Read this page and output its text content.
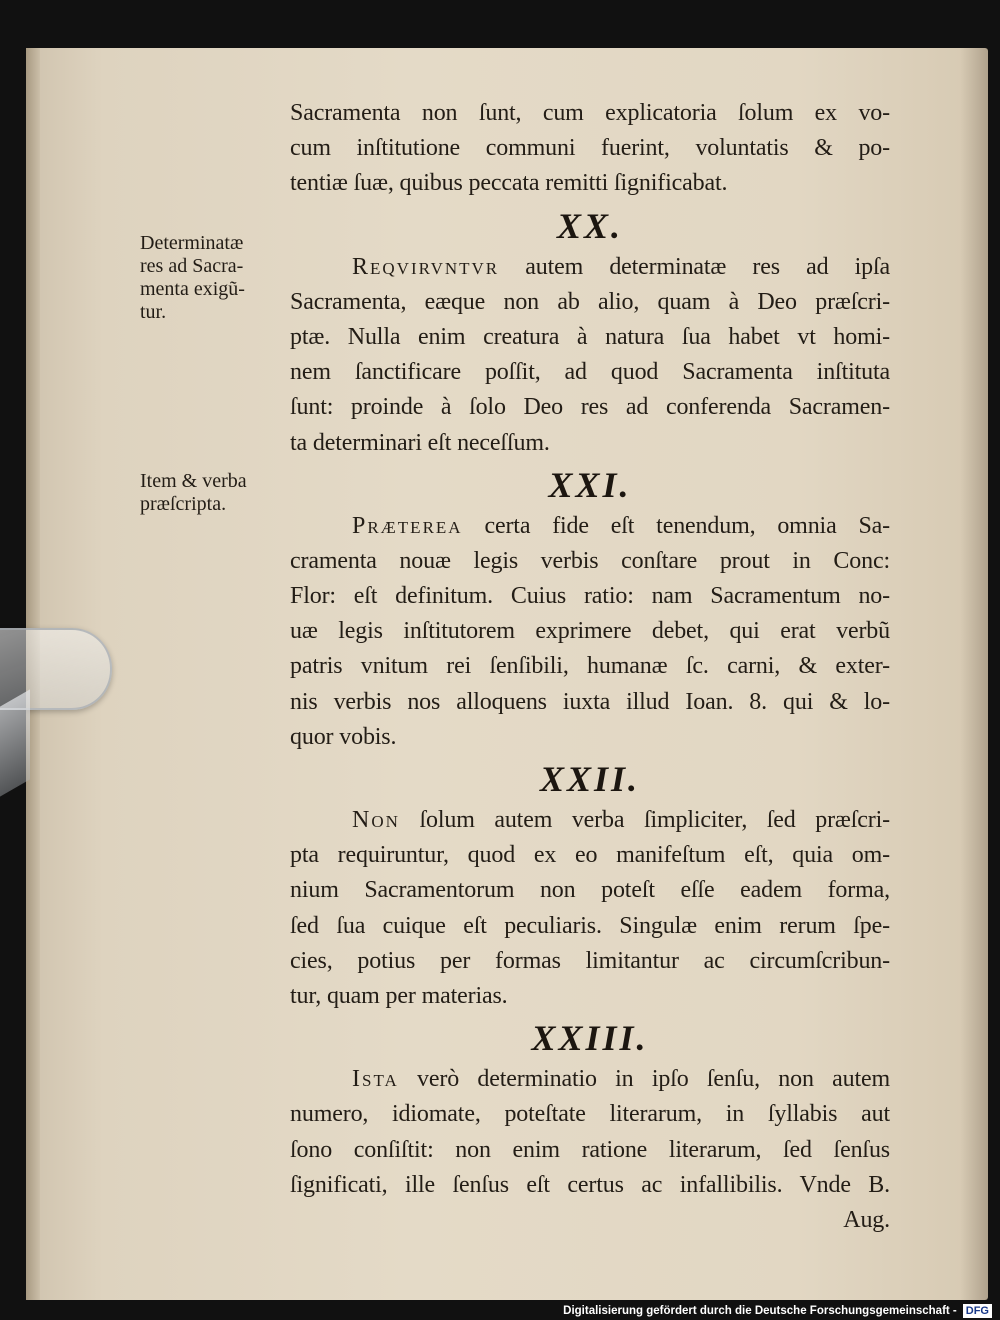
Determinatæ
res ad Sacra-
menta exigũ-
tur.
Item & verba
præſcripta.
Sacramenta non ſunt, cum explicatoria ſolum ex vo-
cum inſtitutione communi fuerint, voluntatis & po-
tentiæ ſuæ, quibus peccata remitti ſignificabat.
XX.
Reqvirvntvr autem determinatæ res ad ipſa
Sacramenta, eæque non ab alio, quam à Deo præſcri-
ptæ. Nulla enim creatura à natura ſua habet vt homi-
nem ſanctificare poſſit, ad quod Sacramenta inſtituta
ſunt: proinde à ſolo Deo res ad conferenda Sacramen-
ta determinari eſt neceſſum.
XXI.
Præterea certa fide eſt tenendum, omnia Sa-
cramenta nouæ legis verbis conſtare prout in Conc:
Flor: eſt definitum. Cuius ratio: nam Sacramentum no-
uæ legis inſtitutorem exprimere debet, qui erat verbũ
patris vnitum rei ſenſibili, humanæ ſc. carni, & exter-
nis verbis nos alloquens iuxta illud Ioan. 8. qui & lo-
quor vobis.
XXII.
Non ſolum autem verba ſimpliciter, ſed præſcri-
pta requiruntur, quod ex eo manifeſtum eſt, quia om-
nium Sacramentorum non poteſt eſſe eadem forma,
ſed ſua cuique eſt peculiaris. Singulæ enim rerum ſpe-
cies, potius per formas limitantur ac circumſcribun-
tur, quam per materias.
XXIII.
Ista verò determinatio in ipſo ſenſu, non autem
numero, idiomate, poteſtate literarum, in ſyllabis aut
ſono conſiſtit: non enim ratione literarum, ſed ſenſus
ſignificati, ille ſenſus eſt certus ac infallibilis. Vnde B.
Aug.
Digitalisierung gefördert durch die Deutsche Forschungsgemeinschaft - DFG
